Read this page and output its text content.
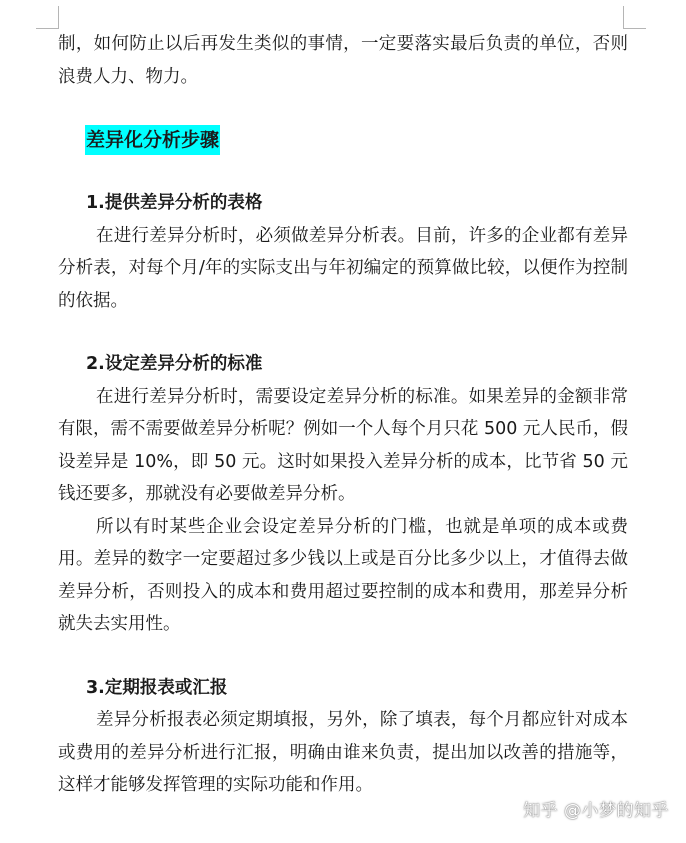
制，如何防止以后再发生类似的事情，一定要落实最后负责的单位，否则浪费人力、物力。

差异化分析步骤

1.提供差异分析的表格

在进行差异分析时，必须做差异分析表。目前，许多的企业都有差异分析表，对每个月/年的实际支出与年初编定的预算做比较，以便作为控制的依据。

2.设定差异分析的标准

在进行差异分析时，需要设定差异分析的标准。如果差异的金额非常有限，需不需要做差异分析呢？例如一个人每个月只花 500 元人民币，假设差异是 10%，即 50 元。这时如果投入差异分析的成本，比节省 50 元钱还要多，那就没有必要做差异分析。

所以有时某些企业会设定差异分析的门槛，也就是单项的成本或费用。差异的数字一定要超过多少钱以上或是百分比多少以上，才值得去做差异分析，否则投入的成本和费用超过要控制的成本和费用，那差异分析就失去实用性。

3.定期报表或汇报

差异分析报表必须定期填报，另外，除了填表，每个月都应针对成本或费用的差异分析进行汇报，明确由谁来负责，提出加以改善的措施等，这样才能够发挥管理的实际功能和作用。

知乎 @小梦的知乎
